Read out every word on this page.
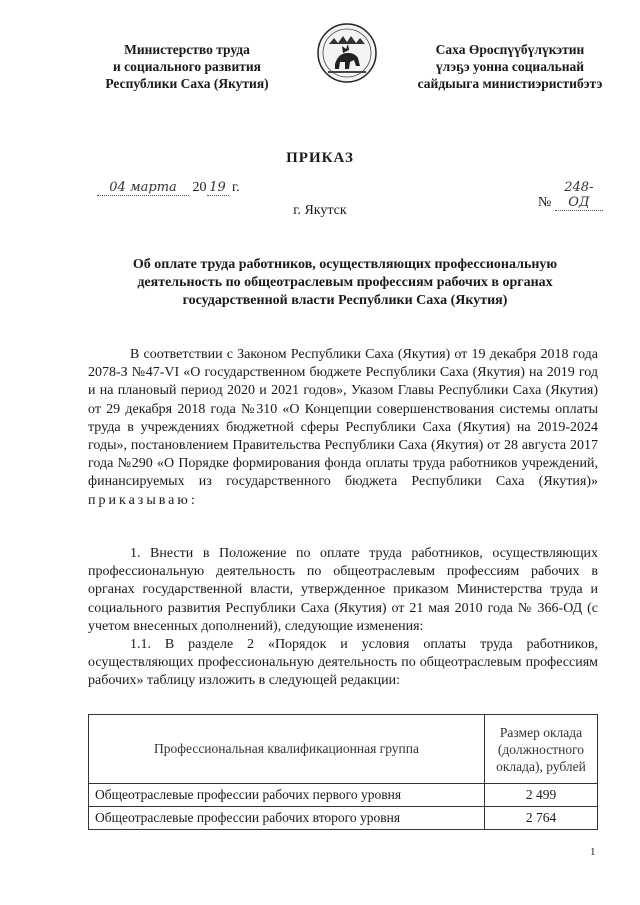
Министерство труда
и социального развития
Республики Саха (Якутия)
Саха Өроспүүбүлүкэтин
үлэҕэ уонна социальнай
сайдыыга министиэристибэтэ
ПРИКАЗ
04 марта 20 19 г.
№ 248-ОД
г. Якутск
Об оплате труда работников, осуществляющих профессиональную
деятельность по общеотраслевым профессиям рабочих в органах
государственной власти Республики Саха (Якутия)
В соответствии с Законом Республики Саха (Якутия) от 19 декабря 2018 года 2078-З №47-VI «О государственном бюджете Республики Саха (Якутия) на 2019 год и на плановый период 2020 и 2021 годов», Указом Главы Республики Саха (Якутия) от 29 декабря 2018 года №310 «О Концепции совершенствования системы оплаты труда в учреждениях бюджетной сферы Республики Саха (Якутия) на 2019-2024 годы», постановлением Правительства Республики Саха (Якутия) от 28 августа 2017 года №290 «О Порядке формирования фонда оплаты труда работников учреждений, финансируемых из государственного бюджета Республики Саха (Якутия)» приказываю:
1. Внести в Положение по оплате труда работников, осуществляющих профессиональную деятельность по общеотраслевым профессиям рабочих в органах государственной власти, утвержденное приказом Министерства труда и социального развития Республики Саха (Якутия) от 21 мая 2010 года № 366-ОД (с учетом внесенных дополнений), следующие изменения:
1.1. В разделе 2 «Порядок и условия оплаты труда работников, осуществляющих профессиональную деятельность по общеотраслевым профессиям рабочих» таблицу изложить в следующей редакции:
Профессиональная квалификационная группа	Размер оклада (должностного оклада), рублей
Общеотраслевые профессии рабочих первого уровня	2 499
Общеотраслевые профессии рабочих второго уровня	2 764
1
